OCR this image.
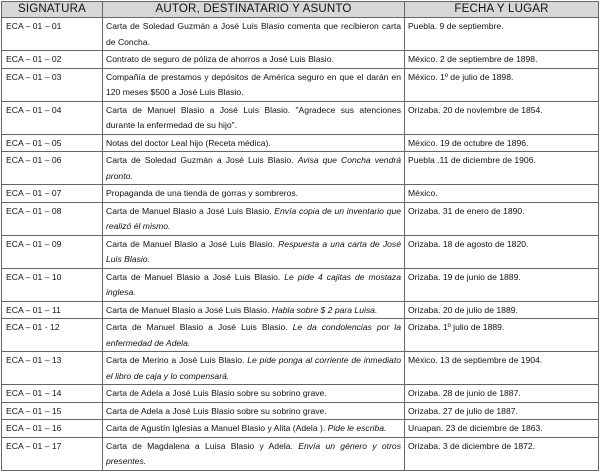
SIGNATURA	AUTOR, DESTINATARIO Y ASUNTO	FECHA Y LUGAR
ECA – 01 – 01	Carta de Soledad Guzmán a José Luis Blasio comenta que recibieron carta de Concha.	Puebla. 9 de septiembre.
ECA – 01 – 02	Contrato de seguro de póliza de ahorros a José Luis Blasio.	México. 2 de septiembre de 1898.
ECA – 01 – 03	Compañía de prestamos y depósitos de América seguro en que el darán en 120 meses $500 a José Luis Blasio.	México. 1º de julio de 1898.
ECA – 01 – 04	Carta de Manuel Blasio a José Luis Blasio. "Agradece sus atenciones durante la enfermedad de su hijo".	Orizaba. 20 de noviembre de 1854.
ECA – 01 – 05	Notas del doctor Leal hijo (Receta médica).	México. 19 de octubre de 1896.
ECA – 01 – 06	Carta de Soledad Guzmán a José Luis Blasio. Avisa que Concha vendrá pronto.	Puebla .11 de diciembre de 1906.
ECA – 01 – 07	Propaganda de una tienda de gorras y sombreros.	México.
ECA – 01 – 08	Carta de Manuel Blasio a José Luis Blasio. Envía copia de un inventario que realizó él mismo.	Orizaba. 31 de enero de 1890.
ECA – 01 – 09	Carta de Manuel Blasio a José Luis Blasio. Respuesta a una carta de José Luis Blasio.	Orizaba. 18 de agosto de 1820.
ECA – 01 – 10	Carta de Manuel Blasio a José Luis Blasio. Le pide 4 cajitas de mostaza inglesa.	Orizaba. 19 de junio de 1889.
ECA – 01 – 11	Carta de Manuel Blasio a José Luis Blasio. Habla sobre $ 2 para Luisa.	Orizaba. 20 de julio de 1889.
ECA – 01 - 12	Carta de Manuel Blasio a José Luis Blasio. Le da condolencias por la enfermedad de Adela.	Orizaba. 1º julio de 1889.
ECA – 01 – 13	Carta de Merino a José Luis Blasio. Le pide ponga al corriente de inmediato el libro de caja y lo compensará.	México. 13 de septiembre de 1904.
ECA – 01 – 14	Carta de Adela a José Luis Blasio sobre su sobrino grave.	Orizaba. 28 de junio de 1887.
ECA – 01 – 15	Carta de Adela a José Luis Blasio sobre su sobrino grave.	Orizaba. 27 de julio de 1887.
ECA – 01 – 16	Carta de Agustín Iglesias a Manuel Blasio y Alita (Adela ). Pide le escriba.	Uruapan. 23 de diciembre de 1863.
ECA – 01 – 17	Carta de Magdalena a Luisa Blasio y Adela. Envía un género y otros presentes.	Orizaba. 3 de diciembre de 1872.
